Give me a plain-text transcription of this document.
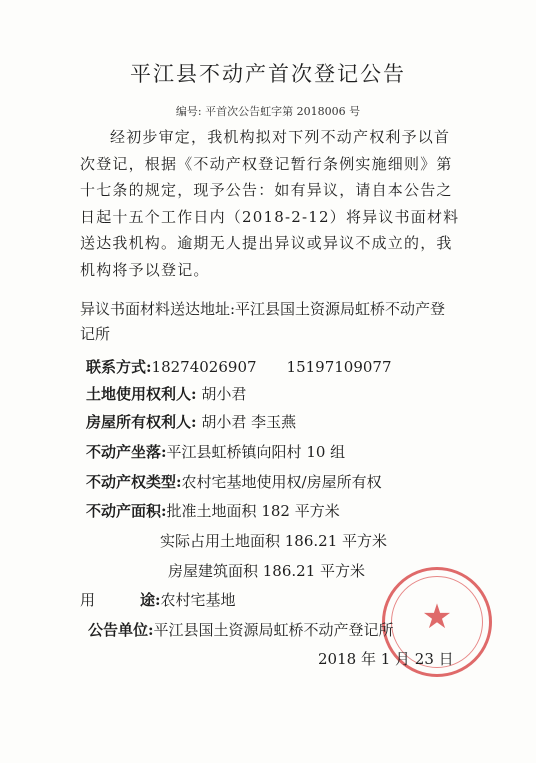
平江县不动产首次登记公告
编号: 平首次公告虹字第 2018006 号
经初步审定，我机构拟对下列不动产权利予以首次登记，根据《不动产权登记暂行条例实施细则》第十七条的规定，现予公告：如有异议，请自本公告之日起十五个工作日内（2018-2-12）将异议书面材料送达我机构。逾期无人提出异议或异议不成立的，我机构将予以登记。
异议书面材料送达地址:平江县国土资源局虹桥不动产登记所
联系方式:18274026907 15197109077
土地使用权利人: 胡小君
房屋所有权利人: 胡小君 李玉燕
不动产坐落:平江县虹桥镇向阳村 10 组
不动产权类型:农村宅基地使用权/房屋所有权
不动产面积:批准土地面积 182 平方米
实际占用土地面积 186.21 平方米
房屋建筑面积 186.21 平方米
用	途:农村宅基地	★
公告单位:平江县国土资源局虹桥不动产登记所
2018 年 1 月 23 日
